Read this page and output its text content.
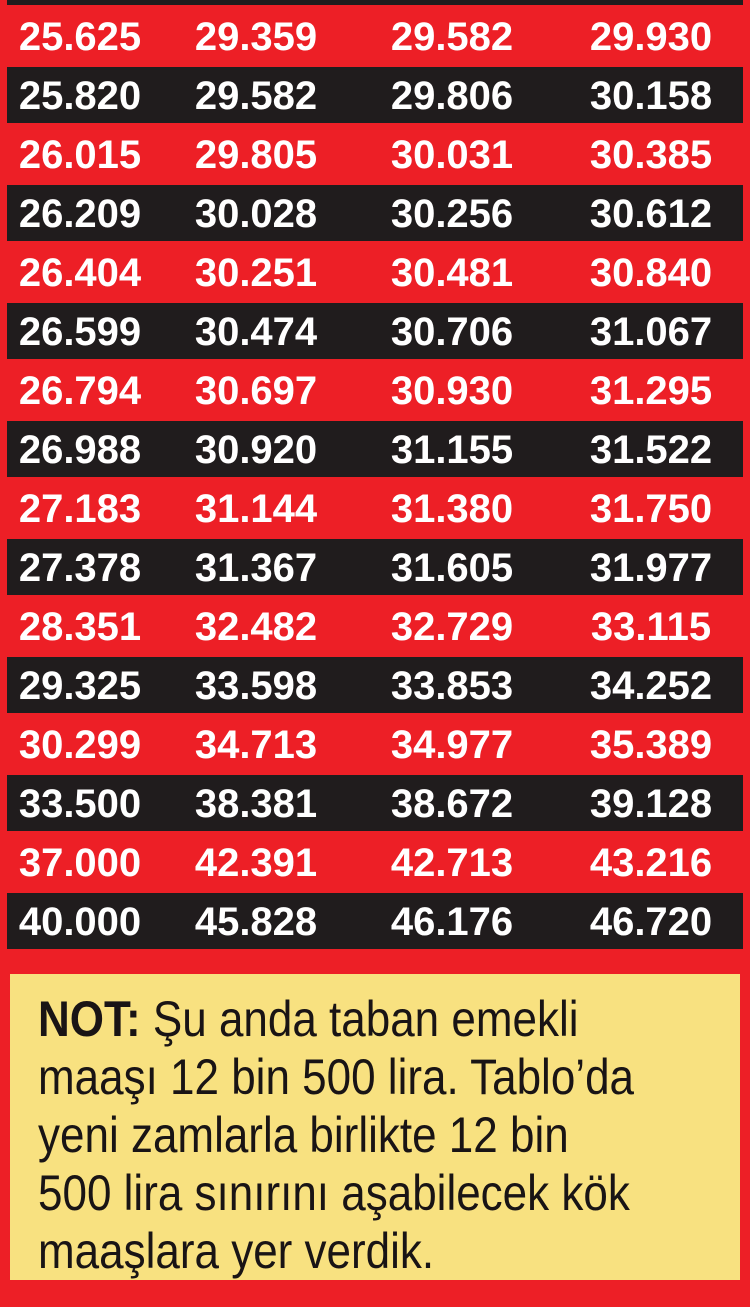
25.625	29.359	29.582	29.930
25.820	29.582	29.806	30.158
26.015	29.805	30.031	30.385
26.209	30.028	30.256	30.612
26.404	30.251	30.481	30.840
26.599	30.474	30.706	31.067
26.794	30.697	30.930	31.295
26.988	30.920	31.155	31.522
27.183	31.144	31.380	31.750
27.378	31.367	31.605	31.977
28.351	32.482	32.729	33.115
29.325	33.598	33.853	34.252
30.299	34.713	34.977	35.389
33.500	38.381	38.672	39.128
37.000	42.391	42.713	43.216
40.000	45.828	46.176	46.720
NOT: Şu anda taban emekli
maaşı 12 bin 500 lira. Tablo’da
yeni zamlarla birlikte 12 bin
500 lira sınırını aşabilecek kök
maaşlara yer verdik.
